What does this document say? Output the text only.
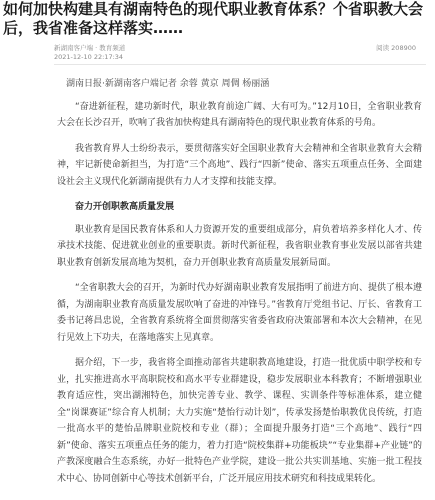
如何加快构建具有湖南特色的现代职业教育体系？个省职教大会后，我省准备这样落实……
新湖南客户端 · 教育频道	阅读 208900
2021-12-10 22:17:34

湖南日报·新湖南客户端记者 余蓉 黄京 周倜 杨丽涵

“奋进新征程，建功新时代，职业教育前途广阔、大有可为。”12月10日，全省职业教育大会在长沙召开，吹响了我省加快构建具有湖南特色的现代职业教育体系的号角。

我省教育界人士纷纷表示，要贯彻落实好全国职业教育大会精神和全省职业教育大会精神，牢记新使命新担当，为打造“三个高地”、践行“四新”使命、落实五项重点任务、全面建设社会主义现代化新湖南提供有力人才支撑和技能支撑。

奋力开创职教高质量发展

职业教育是国民教育体系和人力资源开发的重要组成部分，肩负着培养多样化人才、传承技术技能、促进就业创业的重要职责。新时代新征程，我省职业教育事业发展以部省共建职业教育创新发展高地为契机，奋力开创职业教育高质量发展新局面。

“全省职教大会的召开，为新时代办好湖南职业教育发展指明了前进方向、提供了根本遵循，为湖南职业教育高质量发展吹响了奋进的冲锋号。”省教育厅党组书记、厅长、省教育工委书记蒋昌忠说，全省教育系统将全面贯彻落实省委省政府决策部署和本次大会精神，在见行见效上下功夫，在落地落实上见真章。

据介绍，下一步，我省将全面推动部省共建职教高地建设，打造一批优质中职学校和专业，扎实推进高水平高职院校和高水平专业群建设，稳步发展职业本科教育；不断增强职业教育适应性，突出湖湘特色，加快完善专业、教学、课程、实训条件等标准体系，建立健全“岗课赛证”综合育人机制；大力实施“楚怡行动计划”，传承发扬楚怡职教优良传统，打造一批高水平的楚怡品牌职业院校和专业（群）；全面提升服务打造“三个高地”、践行“四新”使命、落实五项重点任务的能力，着力打造“院校集群+功能板块”“专业集群+产业链”的产教深度融合生态系统，办好一批特色产业学院，建设一批公共实训基地、实施一批工程技术中心、协同创新中心等技术创新平台，广泛开展应用技术研究和科技成果转化。
